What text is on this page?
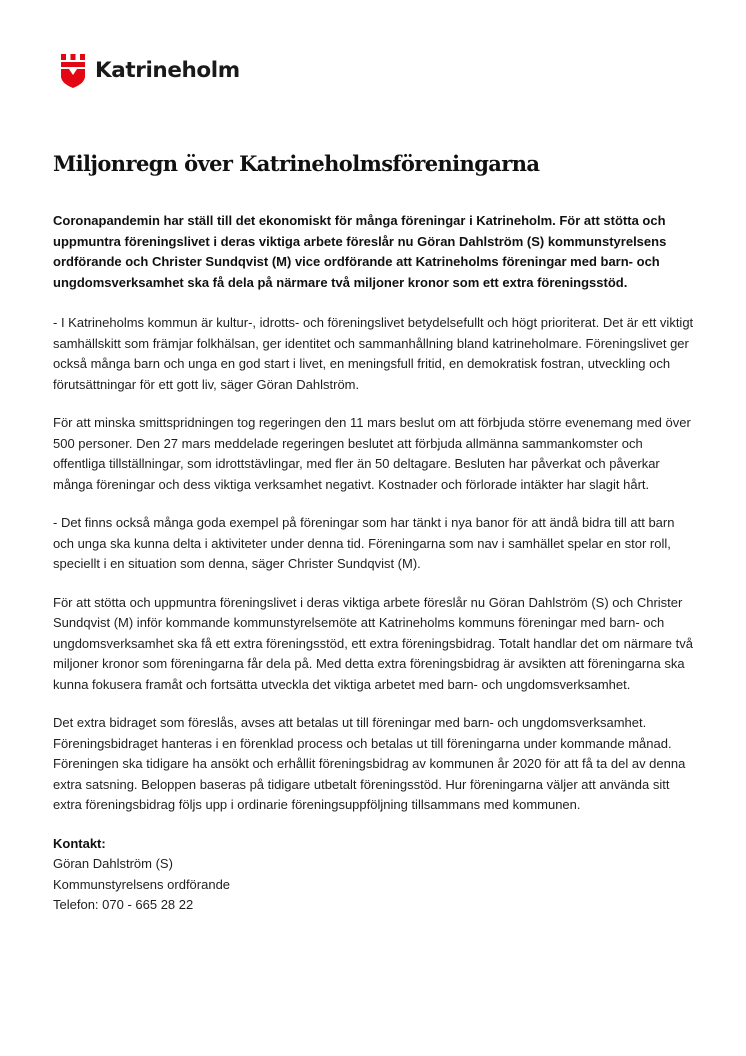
Katrineholm
Miljonregn över Katrineholmsföreningarna

Coronapandemin har ställ till det ekonomiskt för många föreningar i Katrineholm. För att stötta och uppmuntra föreningslivet i deras viktiga arbete föreslår nu Göran Dahlström (S) kommunstyrelsens ordförande och Christer Sundqvist (M) vice ordförande att Katrineholms föreningar med barn- och ungdomsverksamhet ska få dela på närmare två miljoner kronor som ett extra föreningsstöd.

- I Katrineholms kommun är kultur-, idrotts- och föreningslivet betydelsefullt och högt prioriterat. Det är ett viktigt samhällskitt som främjar folkhälsan, ger identitet och sammanhållning bland katrineholmare. Föreningslivet ger också många barn och unga en god start i livet, en meningsfull fritid, en demokratisk fostran, utveckling och förutsättningar för ett gott liv, säger Göran Dahlström.

För att minska smittspridningen tog regeringen den 11 mars beslut om att förbjuda större evenemang med över 500 personer. Den 27 mars meddelade regeringen beslutet att förbjuda allmänna sammankomster och offentliga tillställningar, som idrottstävlingar, med fler än 50 deltagare. Besluten har påverkat och påverkar många föreningar och dess viktiga verksamhet negativt. Kostnader och förlorade intäkter har slagit hårt.

- Det finns också många goda exempel på föreningar som har tänkt i nya banor för att ändå bidra till att barn och unga ska kunna delta i aktiviteter under denna tid. Föreningarna som nav i samhället spelar en stor roll, speciellt i en situation som denna, säger Christer Sundqvist (M).

För att stötta och uppmuntra föreningslivet i deras viktiga arbete föreslår nu Göran Dahlström (S) och Christer Sundqvist (M) inför kommande kommunstyrelsemöte att Katrineholms kommuns föreningar med barn- och ungdomsverksamhet ska få ett extra föreningsstöd, ett extra föreningsbidrag. Totalt handlar det om närmare två miljoner kronor som föreningarna får dela på. Med detta extra föreningsbidrag är avsikten att föreningarna ska kunna fokusera framåt och fortsätta utveckla det viktiga arbetet med barn- och ungdomsverksamhet.

Det extra bidraget som föreslås, avses att betalas ut till föreningar med barn- och ungdomsverksamhet. Föreningsbidraget hanteras i en förenklad process och betalas ut till föreningarna under kommande månad. Föreningen ska tidigare ha ansökt och erhållit föreningsbidrag av kommunen år 2020 för att få ta del av denna extra satsning. Beloppen baseras på tidigare utbetalt föreningsstöd. Hur föreningarna väljer att använda sitt extra föreningsbidrag följs upp i ordinarie föreningsuppföljning tillsammans med kommunen.

Kontakt:
Göran Dahlström (S)
Kommunstyrelsens ordförande
Telefon: 070 - 665 28 22
